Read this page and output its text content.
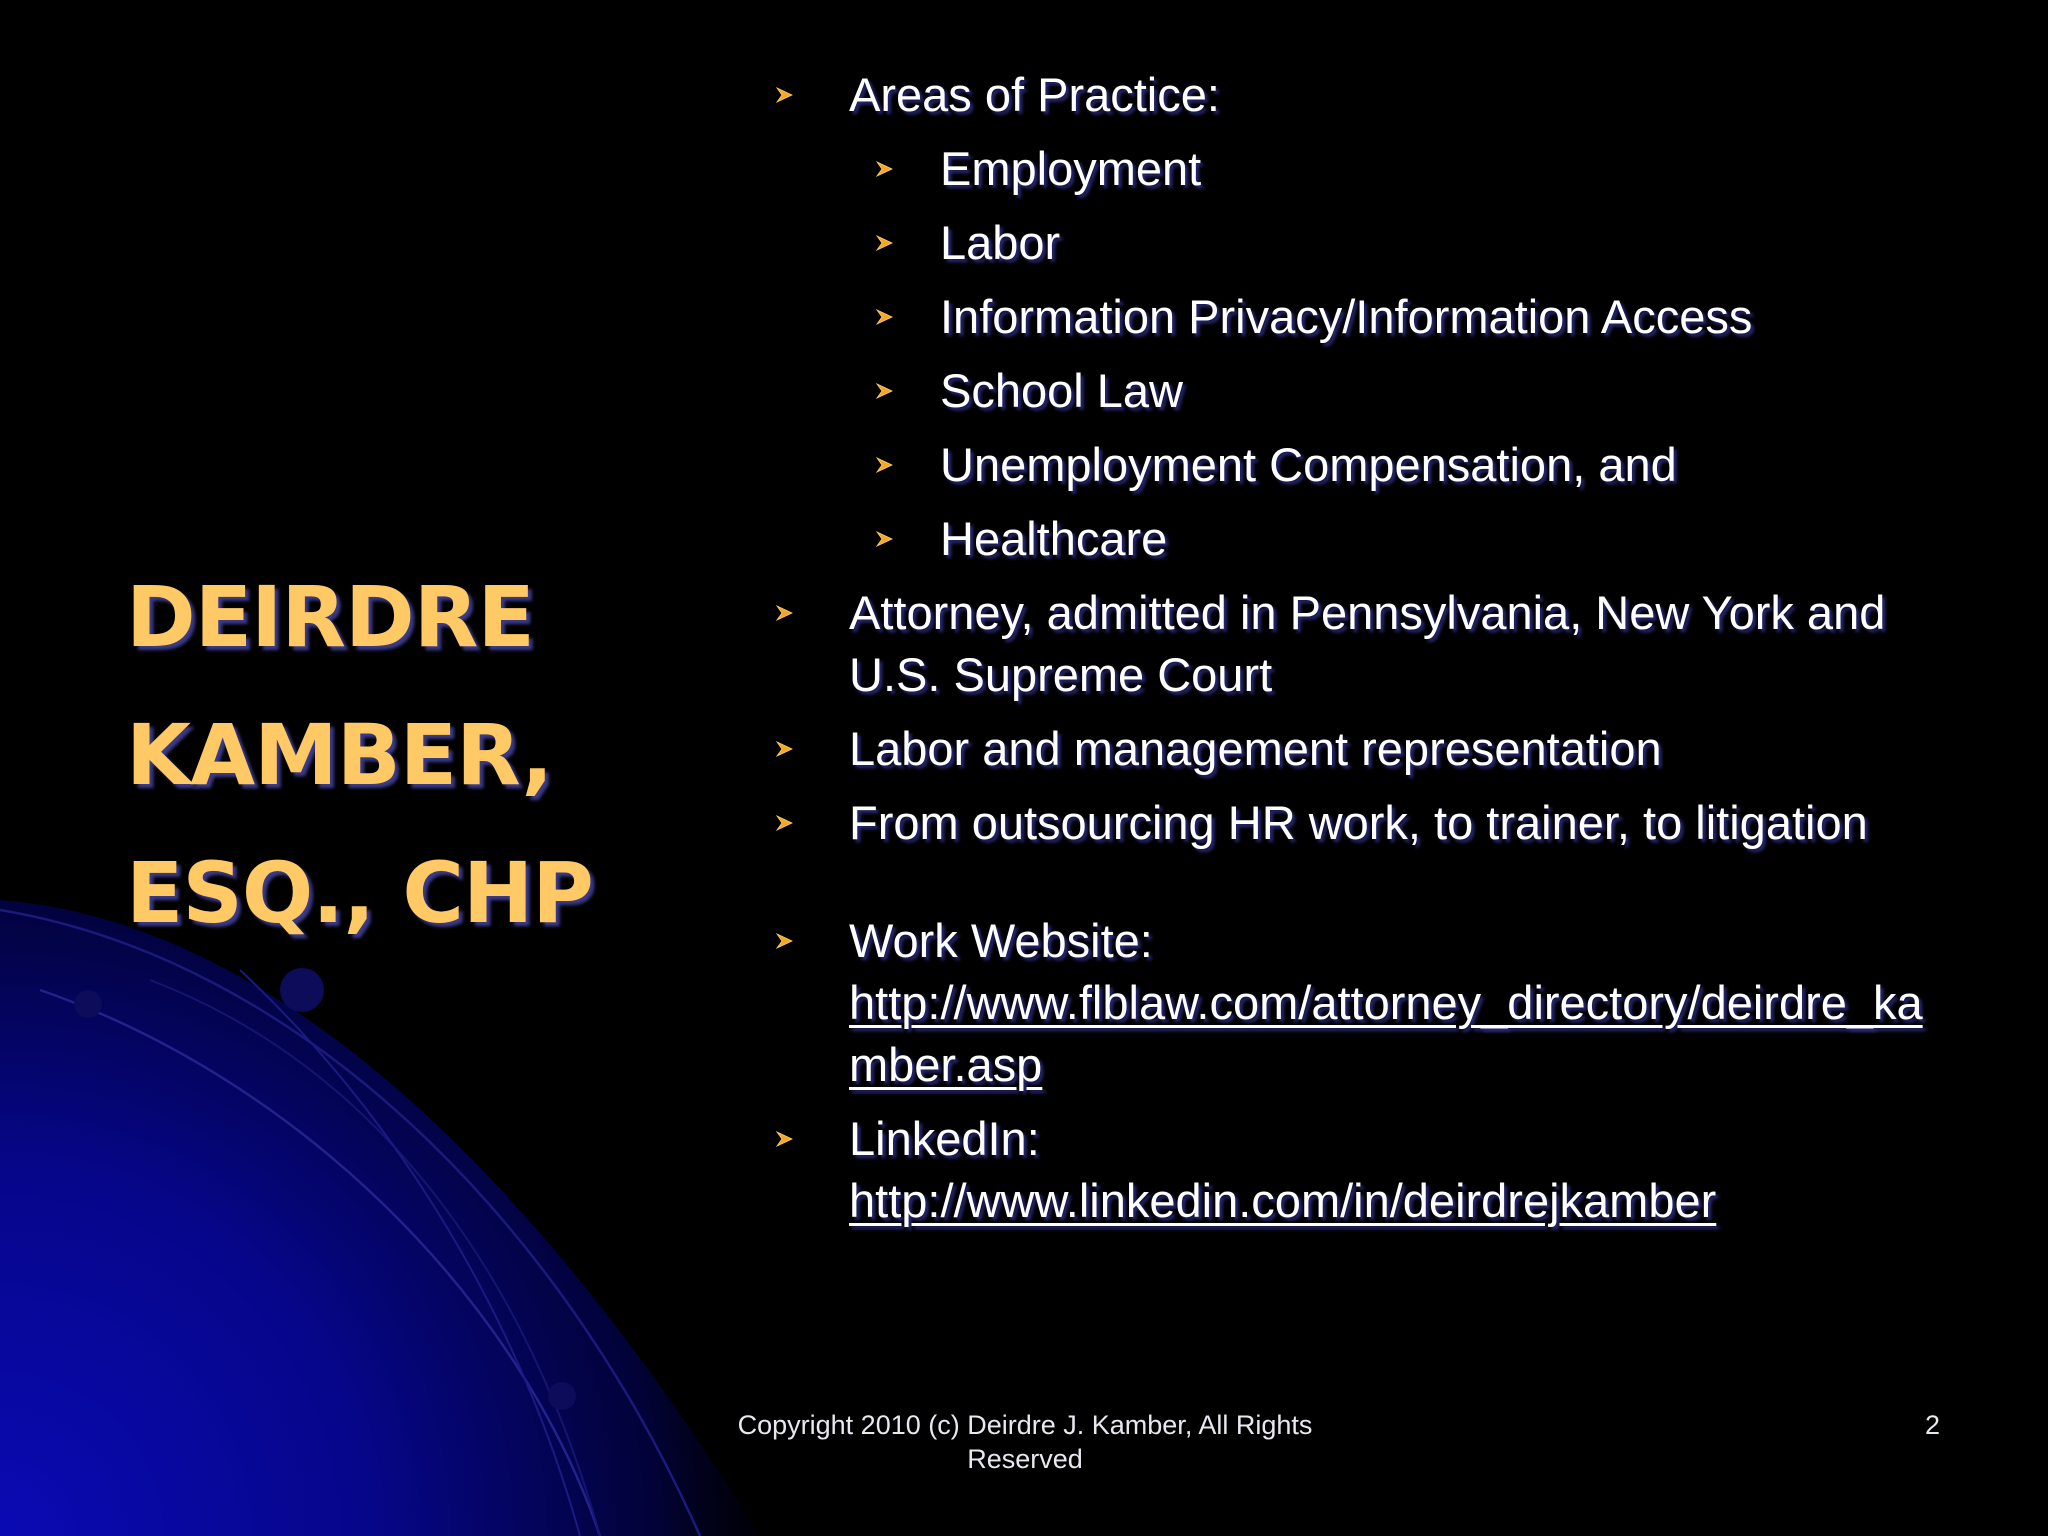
DEIRDRE
KAMBER,
ESQ., CHP
Areas of Practice:
Employment
Labor
Information Privacy/Information Access
School Law
Unemployment Compensation, and
Healthcare
Attorney, admitted in Pennsylvania, New York and U.S. Supreme Court
Labor and management representation
From outsourcing HR work, to trainer, to litigation
Work Website:
http://www.flblaw.com/attorney_directory/deirdre_kamber.asp
LinkedIn:
http://www.linkedin.com/in/deirdrejkamber
Copyright 2010 (c) Deirdre J. Kamber, All Rights Reserved
2
